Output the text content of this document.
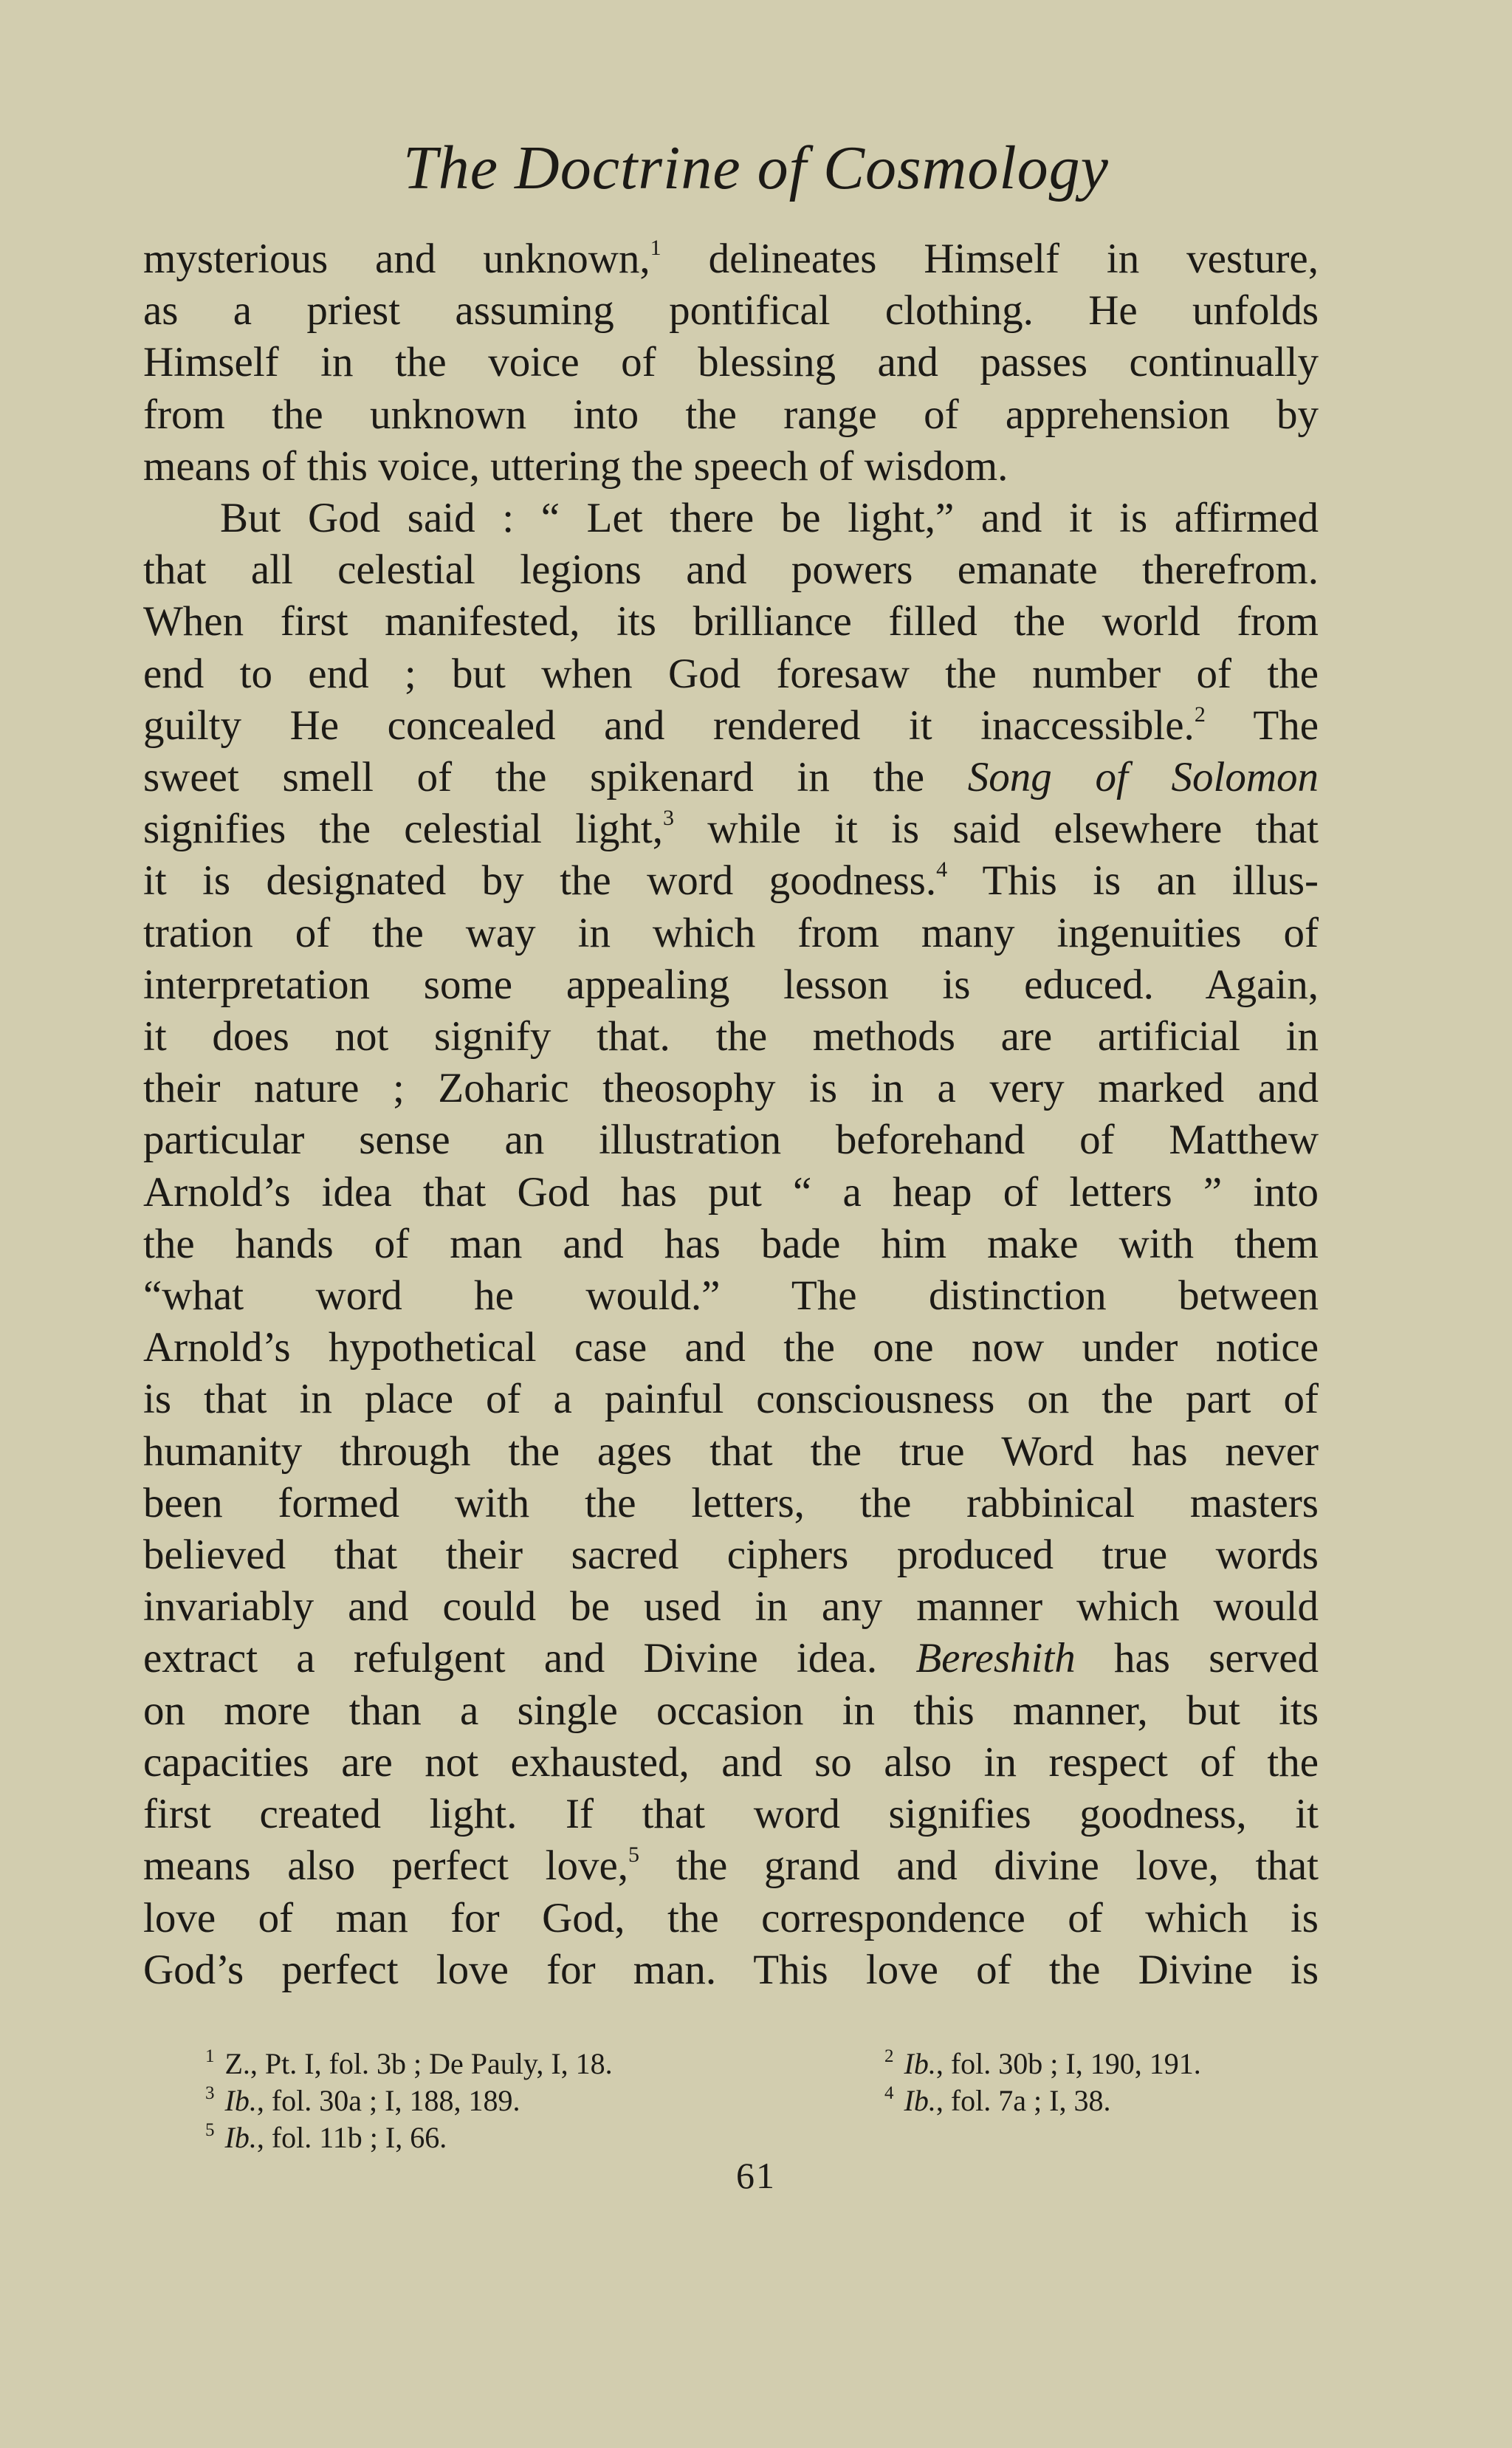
The Doctrine of Cosmology

mysterious and unknown,$^1$ delineates Himself in vesture,

as a priest assuming pontifical clothing. He unfolds

Himself in the voice of blessing and passes continually

from the unknown into the range of apprehension by

means of this voice, uttering the speech of wisdom.

But God said : “ Let there be light,” and it is affirmed

that all celestial legions and powers emanate therefrom.

When first manifested, its brilliance filled the world from

end to end ; but when God foresaw the number of the

guilty He concealed and rendered it inaccessible.$^2$ The

sweet smell of the spikenard in the Song of Solomon

signifies the celestial light,$^3$ while it is said elsewhere that

it is designated by the word goodness.$^4$ This is an illus-

tration of the way in which from many ingenuities of

interpretation some appealing lesson is educed. Again,

it does not signify that. the methods are artificial in

their nature ; Zoharic theosophy is in a very marked and

particular sense an illustration beforehand of Matthew

Arnold’s idea that God has put “ a heap of letters ” into

the hands of man and has bade him make with them

“what word he would.” The distinction between

Arnold’s hypothetical case and the one now under notice

is that in place of a painful consciousness on the part of

humanity through the ages that the true Word has never

been formed with the letters, the rabbinical masters

believed that their sacred ciphers produced true words

invariably and could be used in any manner which would

extract a refulgent and Divine idea. Bereshith has served

on more than a single occasion in this manner, but its

capacities are not exhausted, and so also in respect of the

first created light. If that word signifies goodness, it

means also perfect love,$^5$ the grand and divine love, that

love of man for God, the correspondence of which is

God’s perfect love for man. This love of the Divine is

$^1$ Z., Pt. I, fol. 3b ; De Pauly, I, 18.	$^2$ Ib., fol. 30b ; I, 190, 191.
$^3$ Ib., fol. 30a ; I, 188, 189.	$^4$ Ib., fol. 7a ; I, 38.
$^5$ Ib., fol. 11b ; I, 66.
61
